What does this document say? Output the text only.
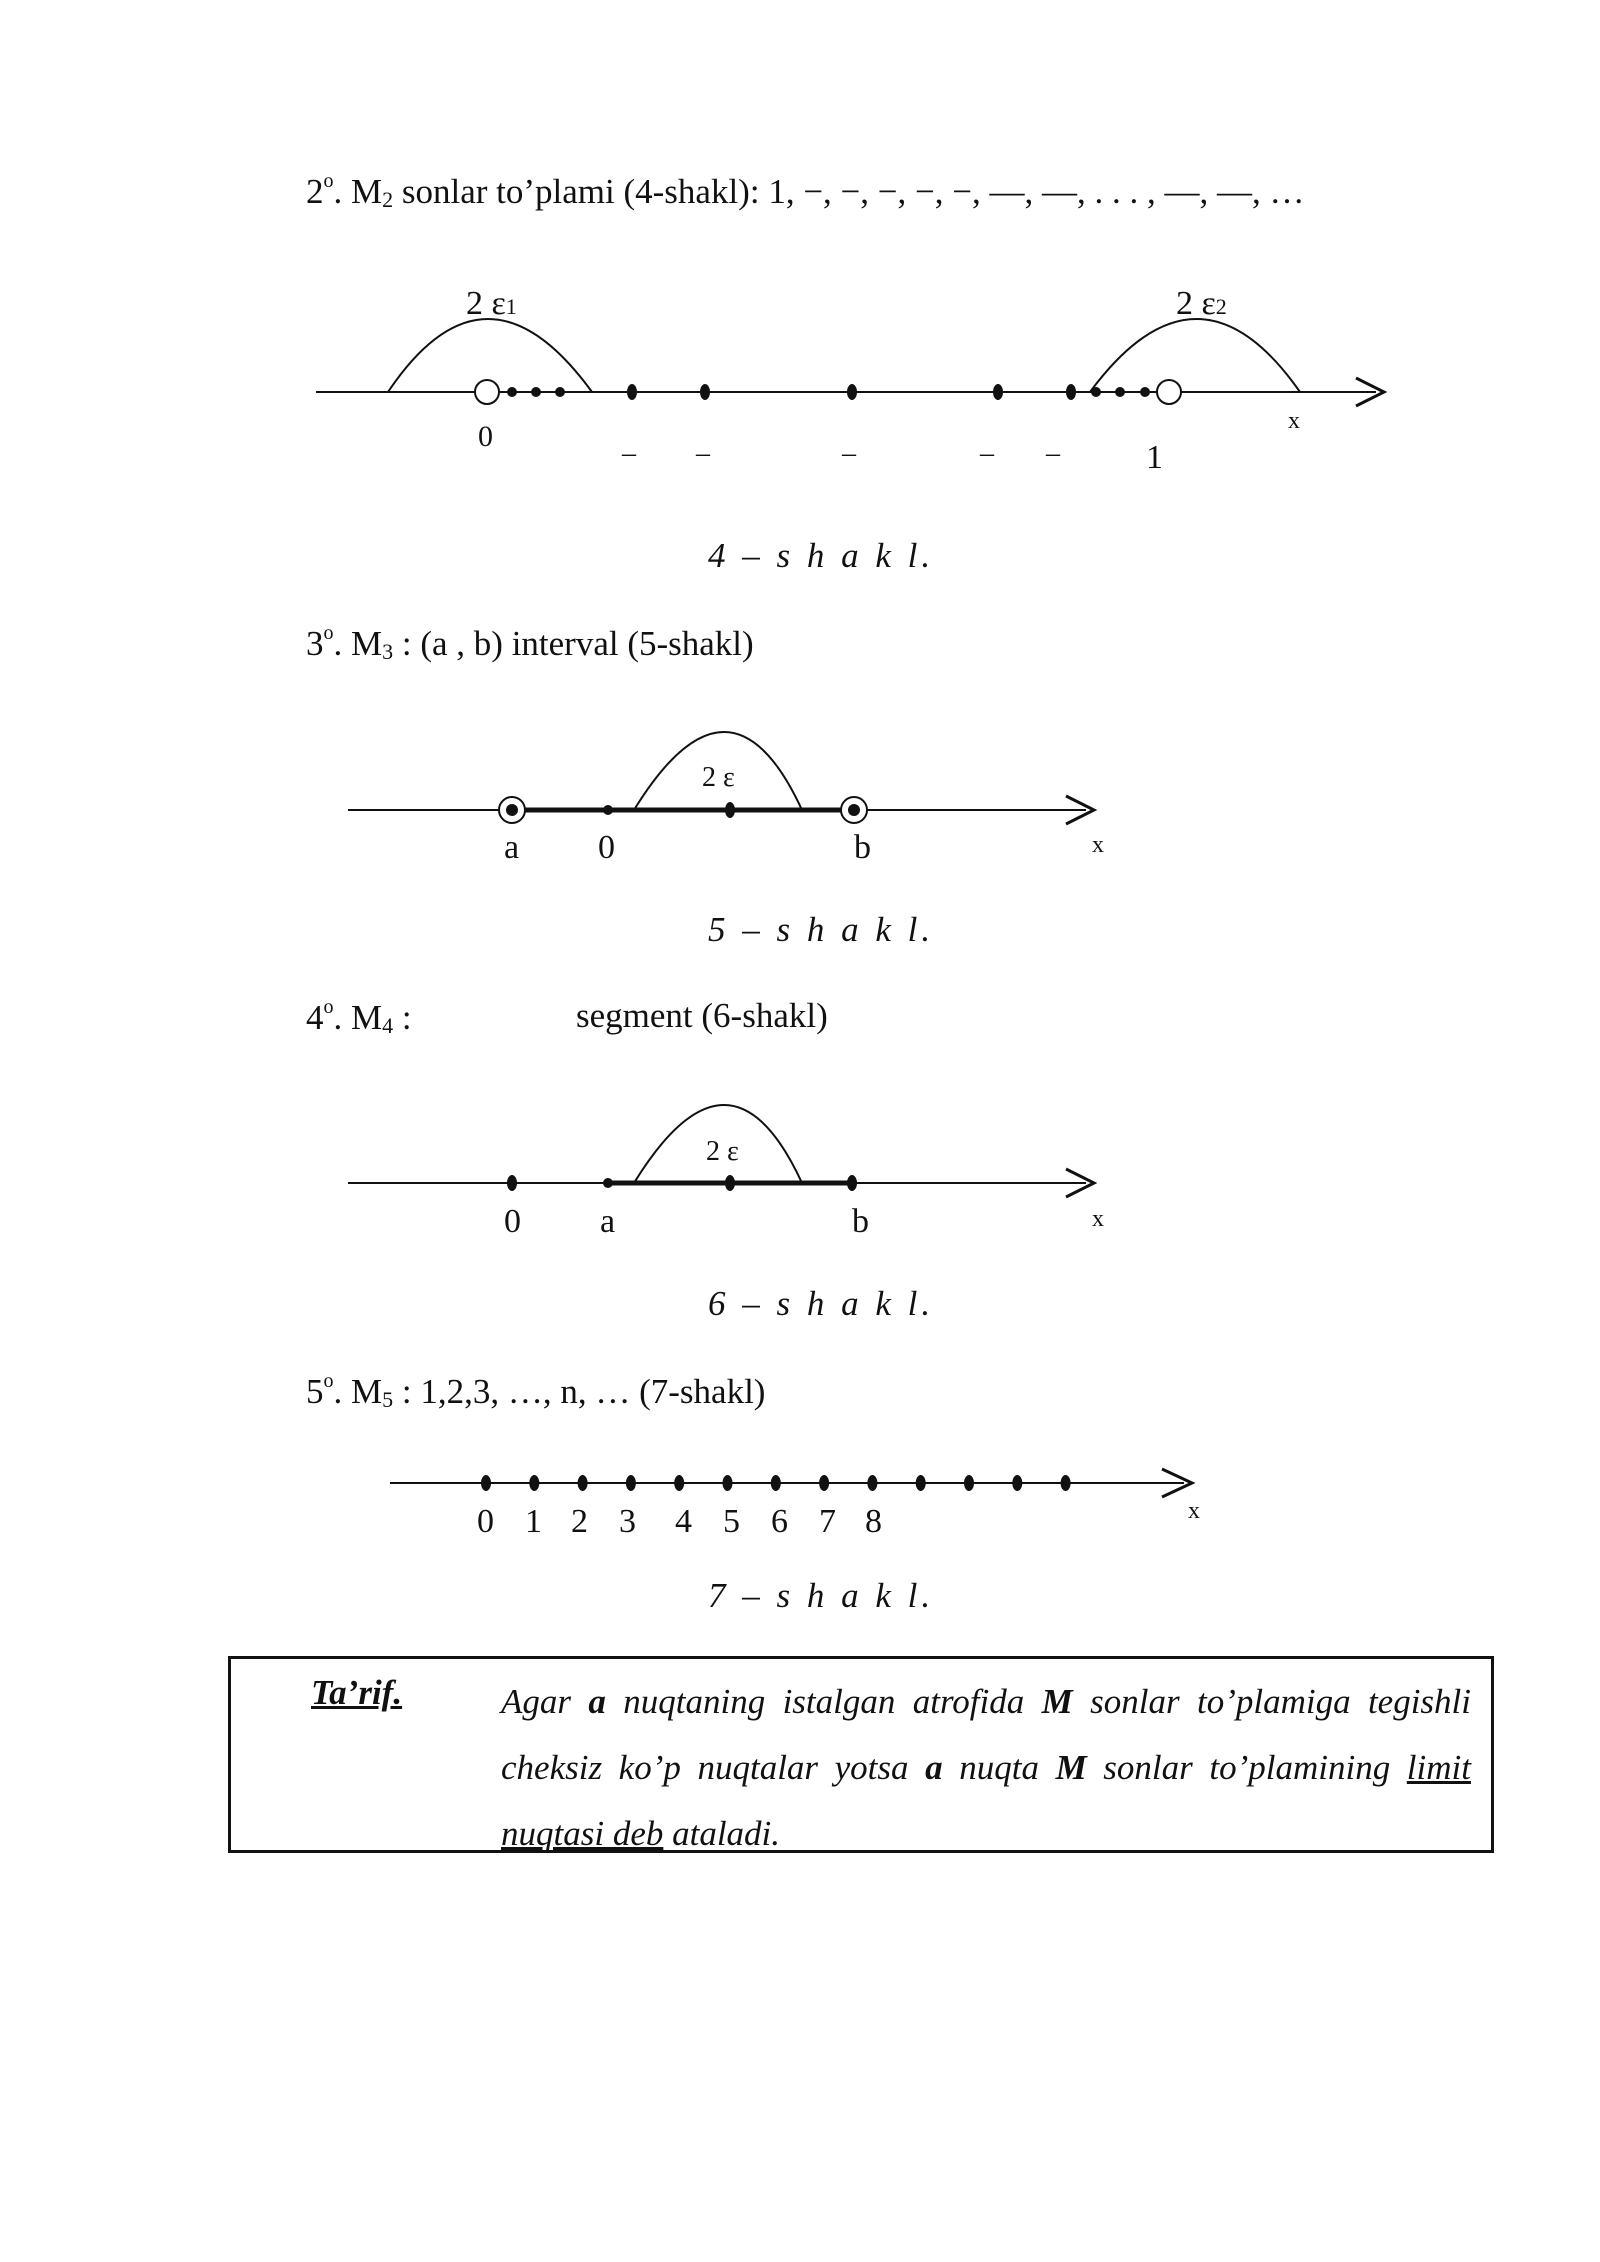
2$^o$. M2 sonlar to’plami (4-shakl): 1, −, −, −, −, −, —, —, . . . , —, —, …
2 ε1	2 ε2
0
1
x
– –	–	– –
4 – s h a k l.
3$^o$. M3 : (a , b) interval (5-shakl)
2 ε
a 0	b	x
5 – s h a k l.
4$^o$. M4 :	segment (6-shakl)
2 ε
0 a	b	x
6 – s h a k l.
5$^o$. M5 : 1,2,3, …, n, … (7-shakl)
0 1 2 3 4 5 6 7 8	x
7 – s h a k l.
Ta’rif.	Agar a nuqtaning istalgan atrofida M sonlar to’plamiga tegishli cheksiz ko’p nuqtalar yotsa a nuqta M sonlar to’plamining limit nuqtasi deb ataladi.
